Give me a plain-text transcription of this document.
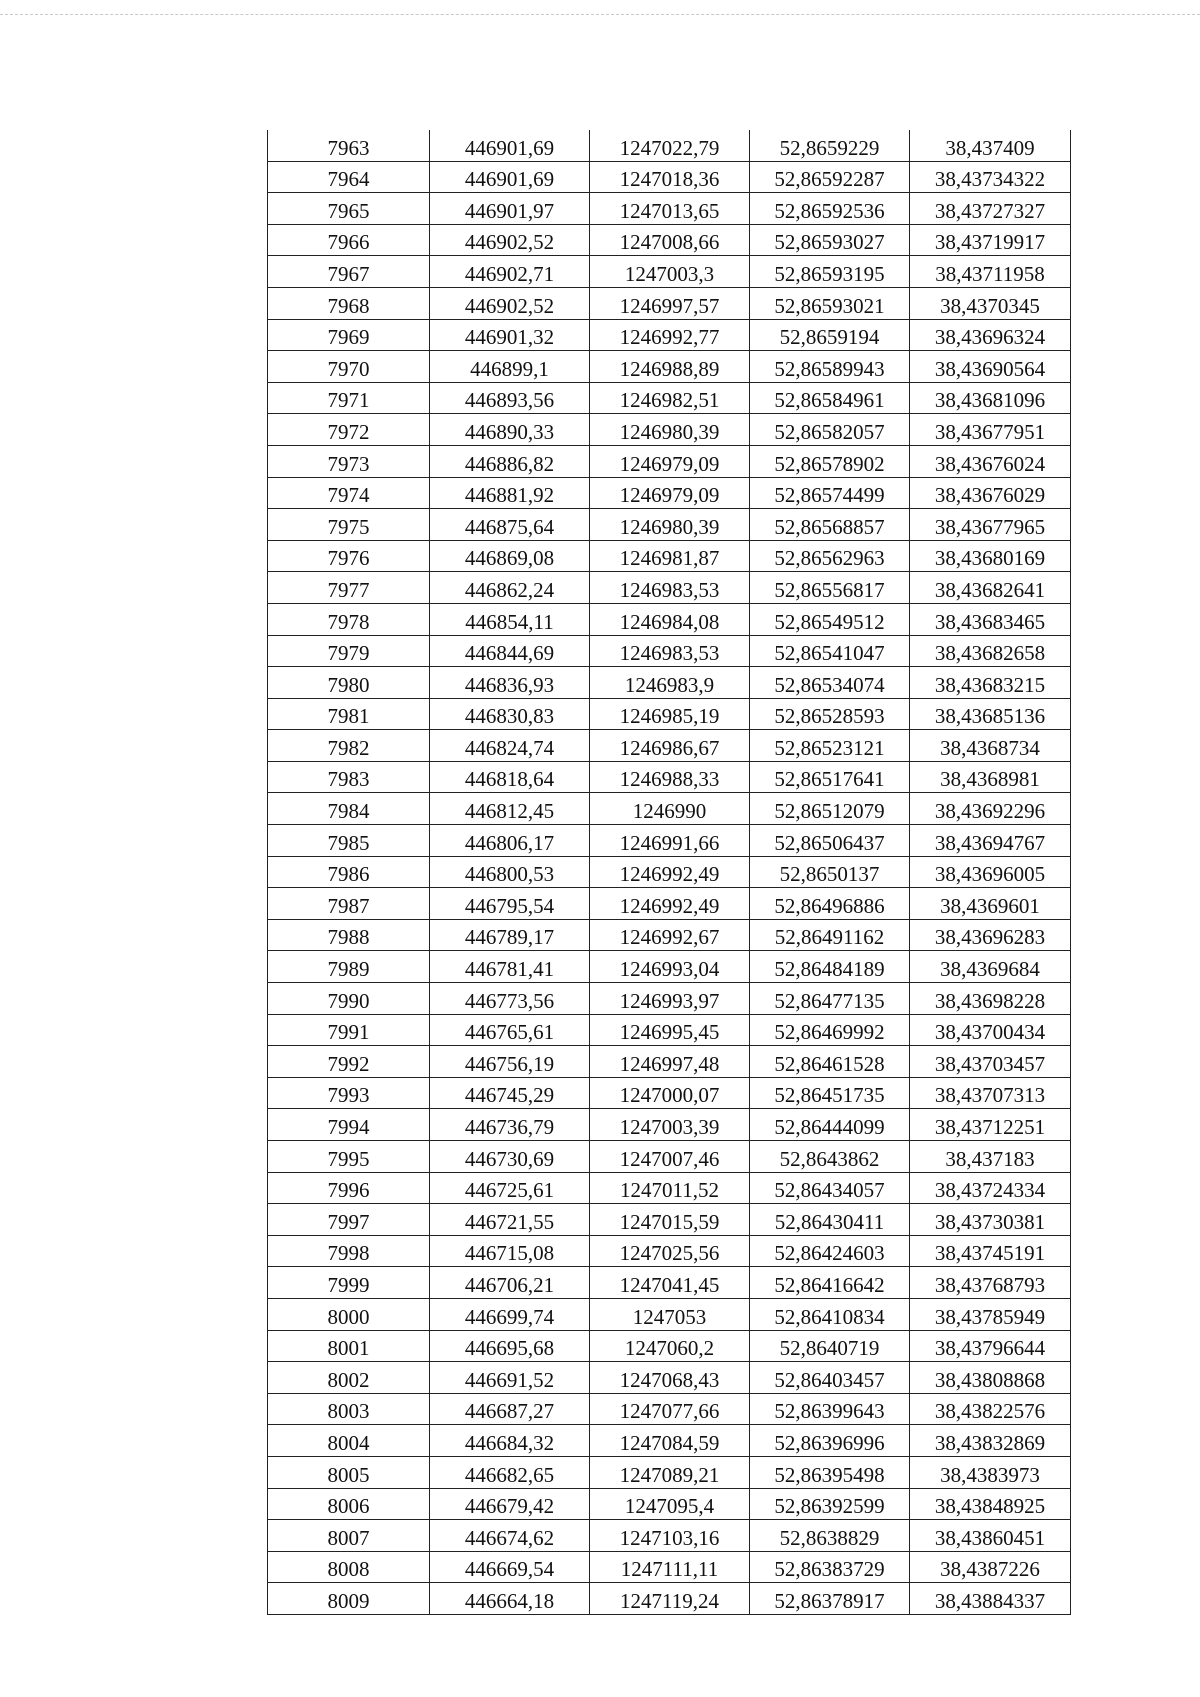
7963	446901,69	1247022,79	52,8659229	38,437409
7964	446901,69	1247018,36	52,86592287	38,43734322
7965	446901,97	1247013,65	52,86592536	38,43727327
7966	446902,52	1247008,66	52,86593027	38,43719917
7967	446902,71	1247003,3	52,86593195	38,43711958
7968	446902,52	1246997,57	52,86593021	38,4370345
7969	446901,32	1246992,77	52,8659194	38,43696324
7970	446899,1	1246988,89	52,86589943	38,43690564
7971	446893,56	1246982,51	52,86584961	38,43681096
7972	446890,33	1246980,39	52,86582057	38,43677951
7973	446886,82	1246979,09	52,86578902	38,43676024
7974	446881,92	1246979,09	52,86574499	38,43676029
7975	446875,64	1246980,39	52,86568857	38,43677965
7976	446869,08	1246981,87	52,86562963	38,43680169
7977	446862,24	1246983,53	52,86556817	38,43682641
7978	446854,11	1246984,08	52,86549512	38,43683465
7979	446844,69	1246983,53	52,86541047	38,43682658
7980	446836,93	1246983,9	52,86534074	38,43683215
7981	446830,83	1246985,19	52,86528593	38,43685136
7982	446824,74	1246986,67	52,86523121	38,4368734
7983	446818,64	1246988,33	52,86517641	38,4368981
7984	446812,45	1246990	52,86512079	38,43692296
7985	446806,17	1246991,66	52,86506437	38,43694767
7986	446800,53	1246992,49	52,8650137	38,43696005
7987	446795,54	1246992,49	52,86496886	38,4369601
7988	446789,17	1246992,67	52,86491162	38,43696283
7989	446781,41	1246993,04	52,86484189	38,4369684
7990	446773,56	1246993,97	52,86477135	38,43698228
7991	446765,61	1246995,45	52,86469992	38,43700434
7992	446756,19	1246997,48	52,86461528	38,43703457
7993	446745,29	1247000,07	52,86451735	38,43707313
7994	446736,79	1247003,39	52,86444099	38,43712251
7995	446730,69	1247007,46	52,8643862	38,437183
7996	446725,61	1247011,52	52,86434057	38,43724334
7997	446721,55	1247015,59	52,86430411	38,43730381
7998	446715,08	1247025,56	52,86424603	38,43745191
7999	446706,21	1247041,45	52,86416642	38,43768793
8000	446699,74	1247053	52,86410834	38,43785949
8001	446695,68	1247060,2	52,8640719	38,43796644
8002	446691,52	1247068,43	52,86403457	38,43808868
8003	446687,27	1247077,66	52,86399643	38,43822576
8004	446684,32	1247084,59	52,86396996	38,43832869
8005	446682,65	1247089,21	52,86395498	38,4383973
8006	446679,42	1247095,4	52,86392599	38,43848925
8007	446674,62	1247103,16	52,8638829	38,43860451
8008	446669,54	1247111,11	52,86383729	38,4387226
8009	446664,18	1247119,24	52,86378917	38,43884337
